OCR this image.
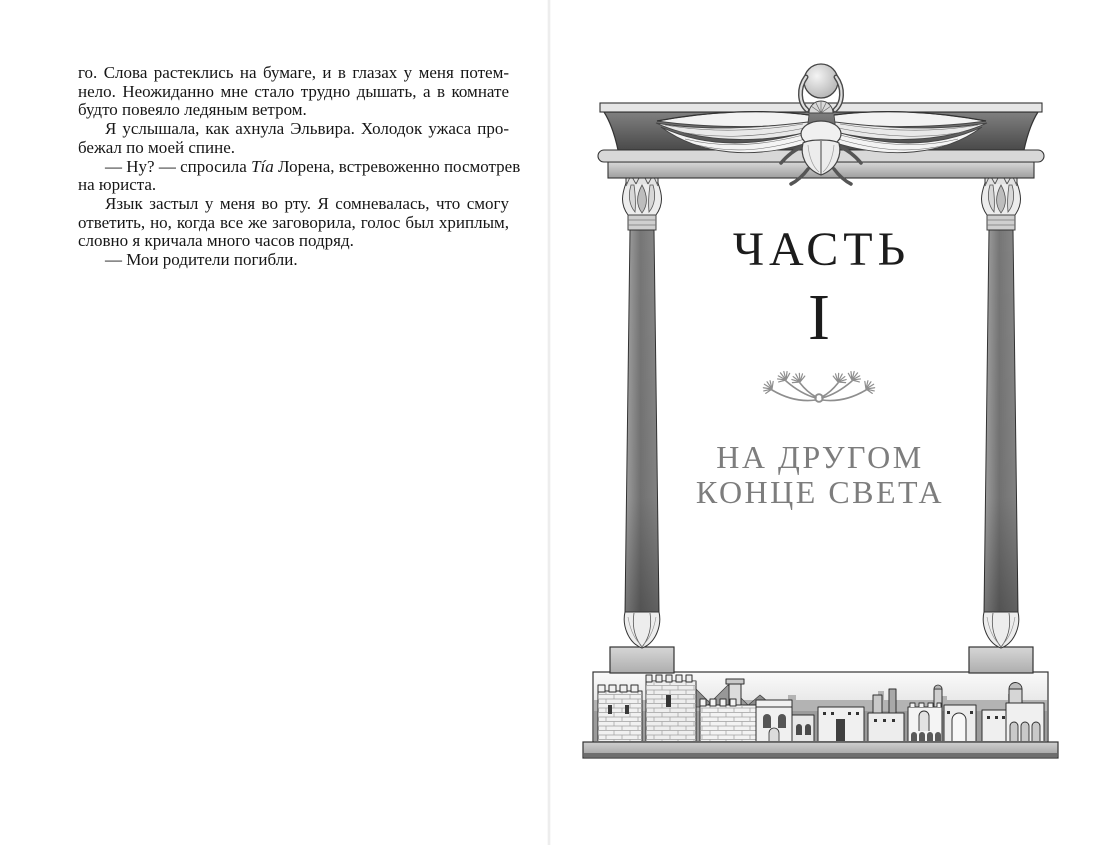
го. Слова растеклись на бумаге, и в глазах у меня потем-
нело. Неожиданно мне стало трудно дышать, а в комнате
будто повеяло ледяным ветром.
Я услышала, как ахнула Эльвира. Холодок ужаса про-
бежал по моей спине.
— Ну? — спросила Tía Лорена, встревоженно посмотрев
на юриста.
Язык застыл у меня во рту. Я сомневалась, что смогу
ответить, но, когда все же заговорила, голос был хриплым,
словно я кричала много часов подряд.
— Мои родители погибли.	ЧАСТЬ
I
НА ДРУГОМ
КОНЦЕ СВЕТА
